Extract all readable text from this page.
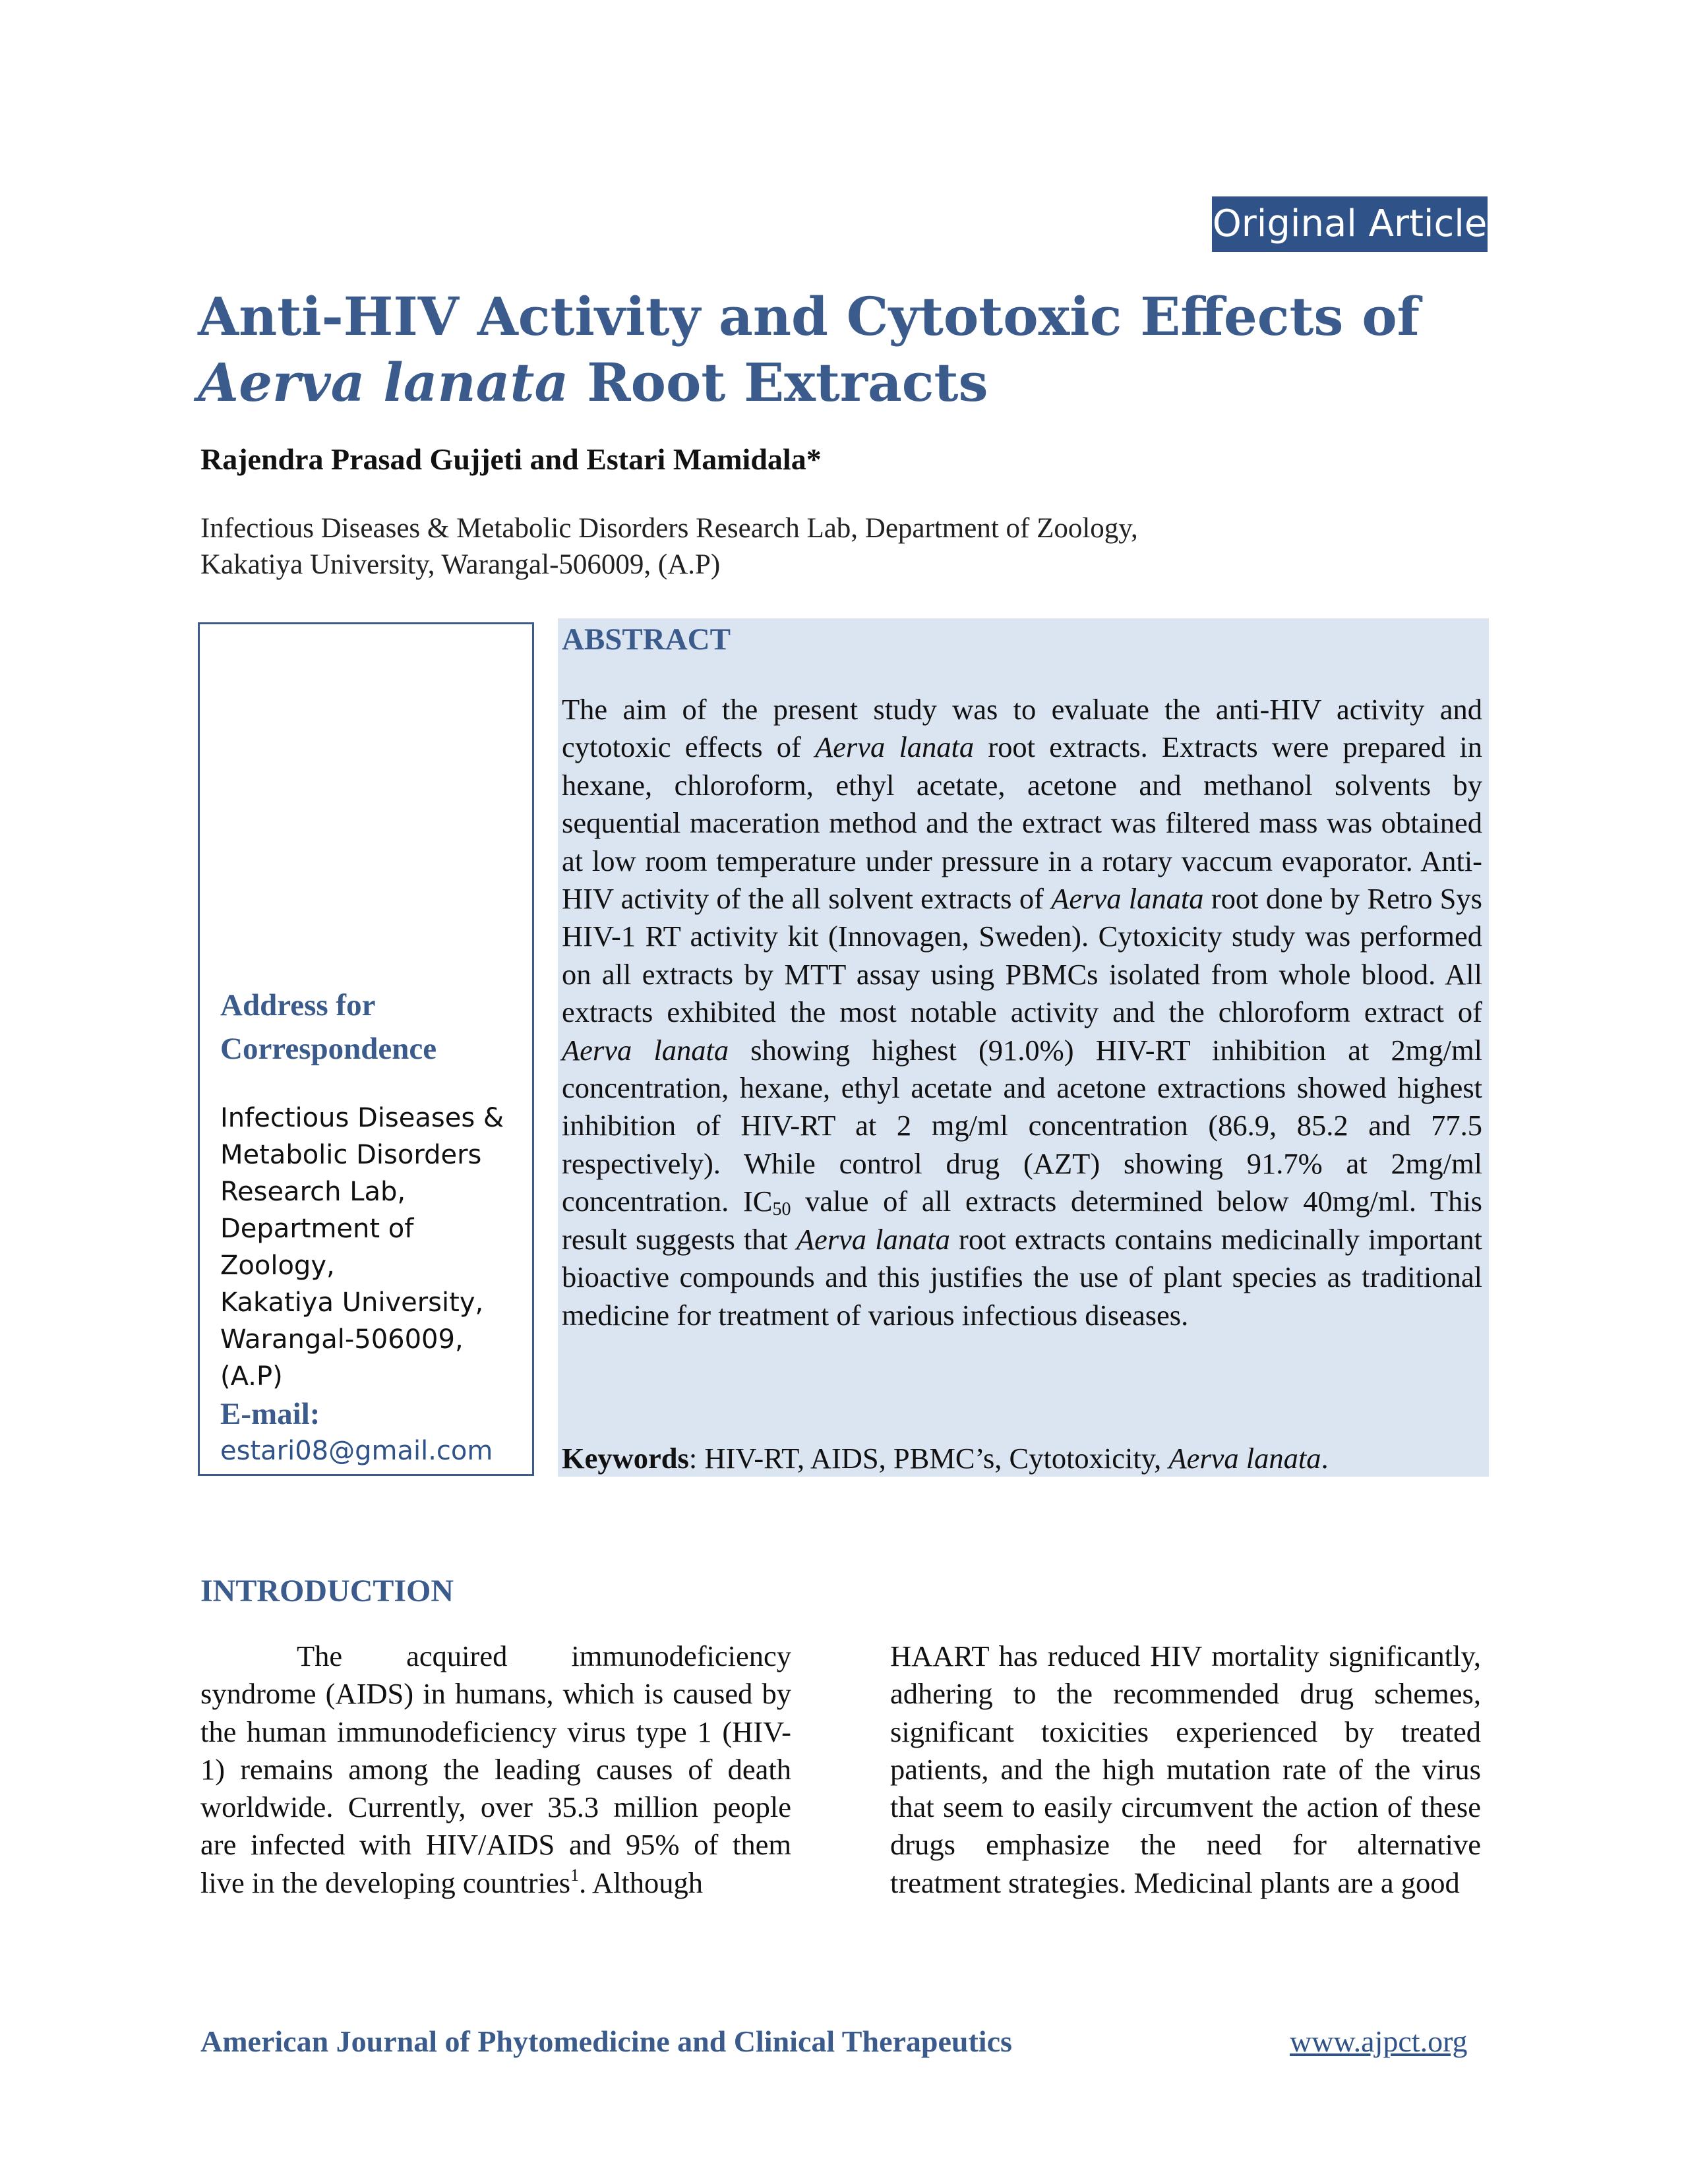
Original Article
Anti-HIV Activity and Cytotoxic Effects of
Aerva lanata Root Extracts
Rajendra Prasad Gujjeti and Estari Mamidala*
Infectious Diseases & Metabolic Disorders Research Lab, Department of Zoology,
Kakatiya University, Warangal-506009, (A.P)
Address for
Correspondence
Infectious Diseases &
Metabolic Disorders
Research Lab,
Department of
Zoology,
Kakatiya University,
Warangal-506009,
(A.P)
E-mail:
estari08@gmail.com
ABSTRACT
The aim of the present study was to evaluate the anti-HIV activity and cytotoxic effects of Aerva lanata root extracts. Extracts were prepared in hexane, chloroform, ethyl acetate, acetone and methanol solvents by sequential maceration method and the extract was filtered mass was obtained at low room temperature under pressure in a rotary vaccum evaporator. Anti-HIV activity of the all solvent extracts of Aerva lanata root done by Retro Sys HIV-1 RT activity kit (Innovagen, Sweden). Cytoxicity study was performed on all extracts by MTT assay using PBMCs isolated from whole blood. All extracts exhibited the most notable activity and the chloroform extract of Aerva lanata showing highest (91.0%) HIV-RT inhibition at 2mg/ml concentration, hexane, ethyl acetate and acetone extractions showed highest inhibition of HIV-RT at 2 mg/ml concentration (86.9, 85.2 and 77.5 respectively). While control drug (AZT) showing 91.7% at 2mg/ml concentration. $IC_{50}$ value of all extracts determined below 40mg/ml. This result suggests that Aerva lanata root extracts contains medicinally important bioactive compounds and this justifies the use of plant species as traditional medicine for treatment of various infectious diseases.
Keywords: HIV-RT, AIDS, PBMC’s, Cytotoxicity, Aerva lanata.
INTRODUCTION
The acquired immunodeficiency syndrome (AIDS) in humans, which is caused by the human immunodeficiency virus type 1 (HIV-1) remains among the leading causes of death worldwide. Currently, over 35.3 million people are infected with HIV/AIDS and 95% of them live in the developing countries$^1$. Although
HAART has reduced HIV mortality significantly, adhering to the recommended drug schemes, significant toxicities experienced by treated patients, and the high mutation rate of the virus that seem to easily circumvent the action of these drugs emphasize the need for alternative treatment strategies. Medicinal plants are a good
American Journal of Phytomedicine and Clinical Therapeutics	www.ajpct.org
